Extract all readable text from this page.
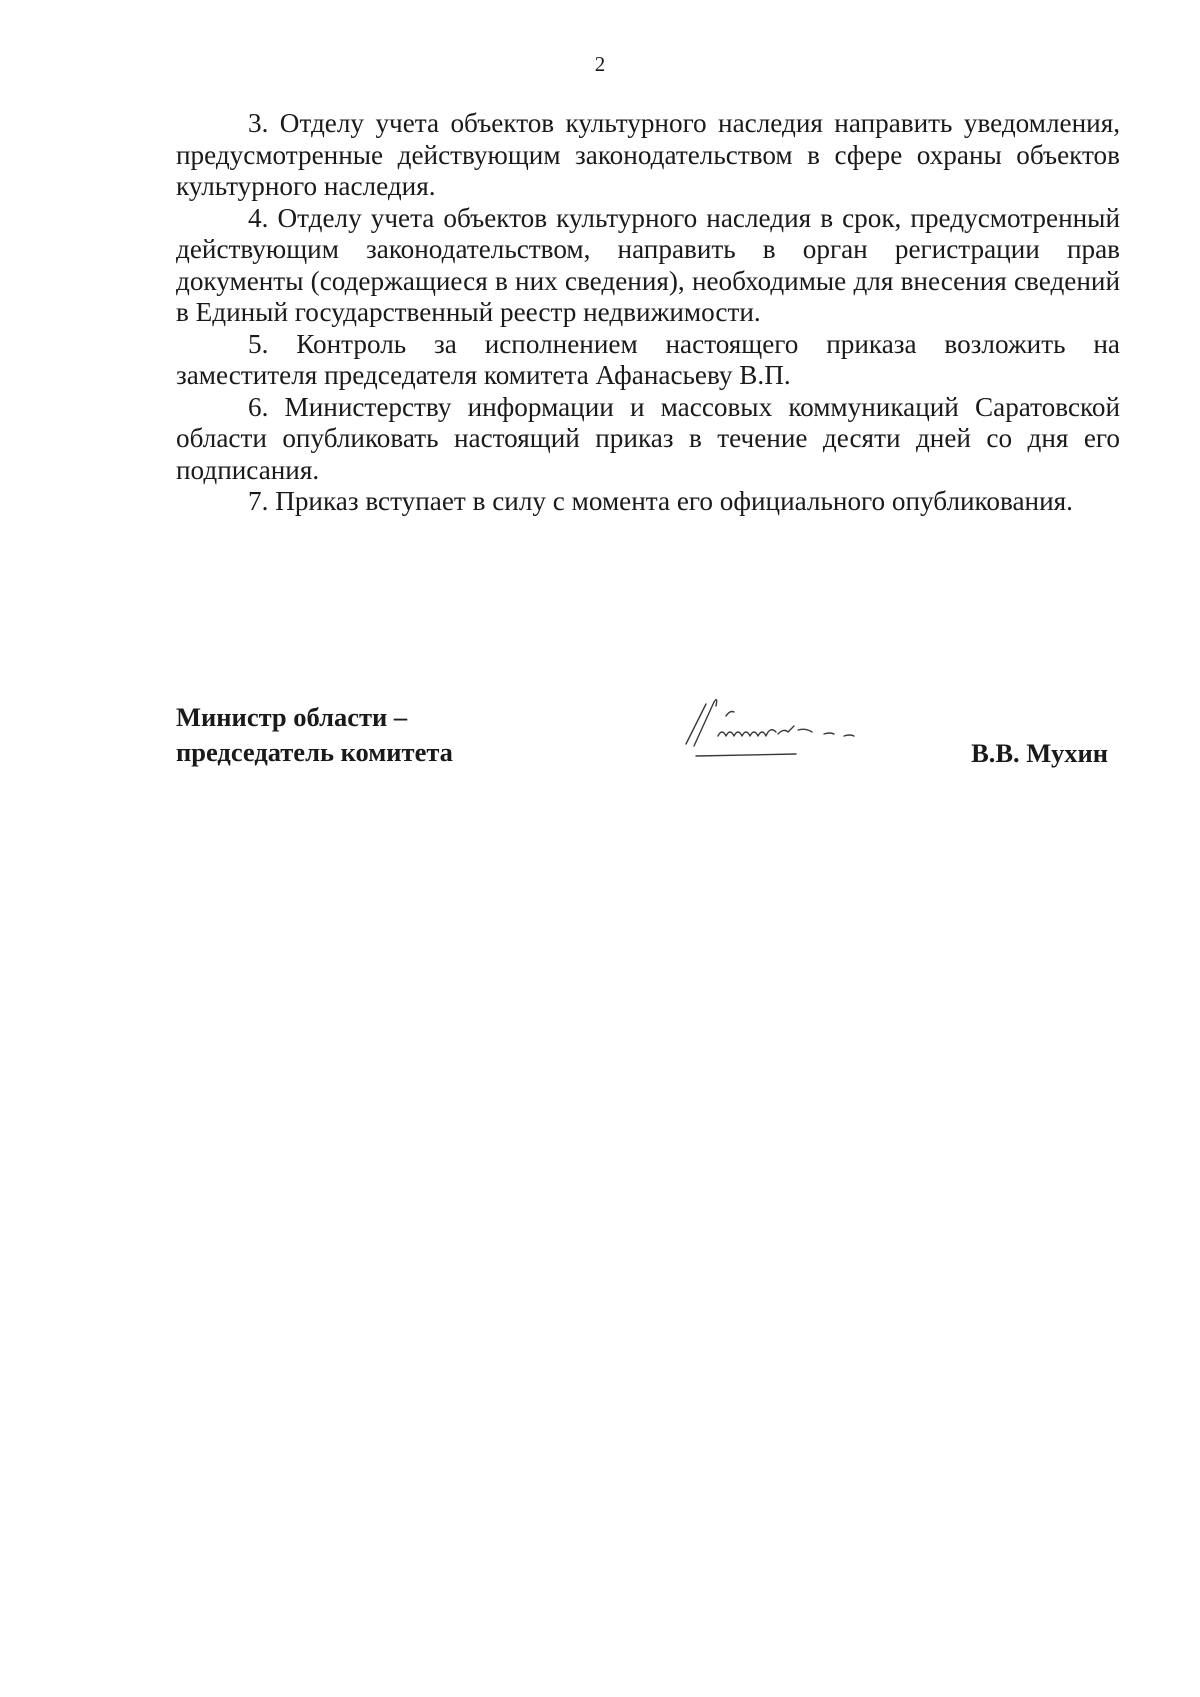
2

3. Отделу учета объектов культурного наследия направить уведомления, предусмотренные действующим законодательством в сфере охраны объектов культурного наследия.

4. Отделу учета объектов культурного наследия в срок, предусмотренный действующим законодательством, направить в орган регистрации прав документы (содержащиеся в них сведения), необходимые для внесения сведений в Единый государственный реестр недвижимости.

5. Контроль за исполнением настоящего приказа возложить на заместителя председателя комитета Афанасьеву В.П.

6. Министерству информации и массовых коммуникаций Саратовской области опубликовать настоящий приказ в течение десяти дней со дня его подписания.

7. Приказ вступает в силу с момента его официального опубликования.

Министр области –
председатель комитета	В.В. Мухин
